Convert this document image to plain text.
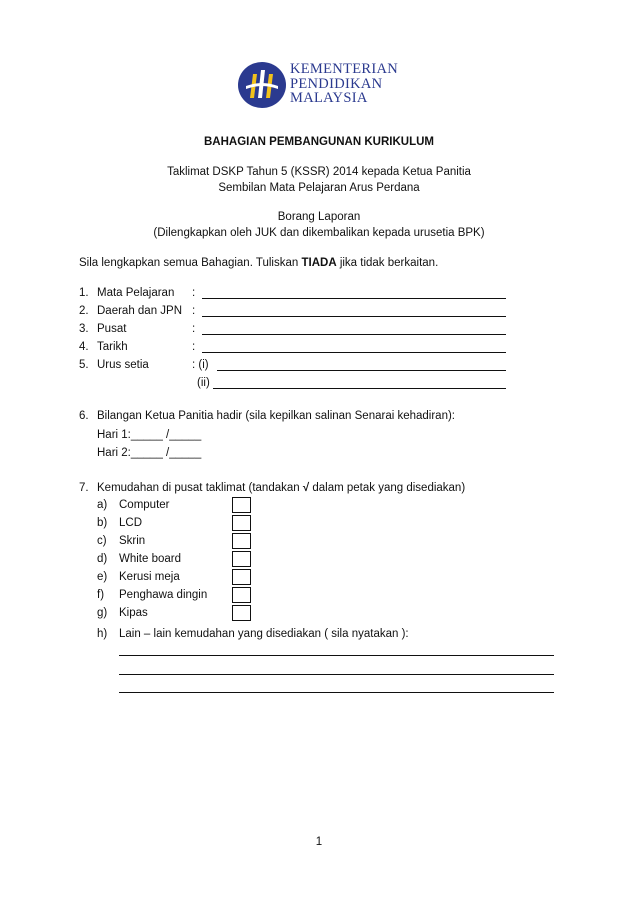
KEMENTERIAN
PENDIDIKAN
MALAYSIA
BAHAGIAN PEMBANGUNAN KURIKULUM
Taklimat DSKP Tahun 5 (KSSR) 2014 kepada Ketua Panitia
Sembilan Mata Pelajaran Arus Perdana
Borang Laporan
(Dilengkapkan oleh JUK dan dikembalikan kepada urusetia BPK)
Sila lengkapkan semua Bahagian. Tuliskan TIADA jika tidak berkaitan.
1. Mata Pelajaran :
2. Daerah dan JPN :
3. Pusat	:
4. Tarikh	:
5. Urus setia	: (i)
(ii)
6. Bilangan Ketua Panitia hadir (sila kepilkan salinan Senarai kehadiran):
Hari 1:_____ /_____
Hari 2:_____ /_____
7. Kemudahan di pusat taklimat (tandakan √ dalam petak yang disediakan)
a) Computer
b) LCD
c) Skrin
d) White board
e) Kerusi meja
f) Penghawa dingin
g) Kipas
h) Lain – lain kemudahan yang disediakan ( sila nyatakan ):
1
